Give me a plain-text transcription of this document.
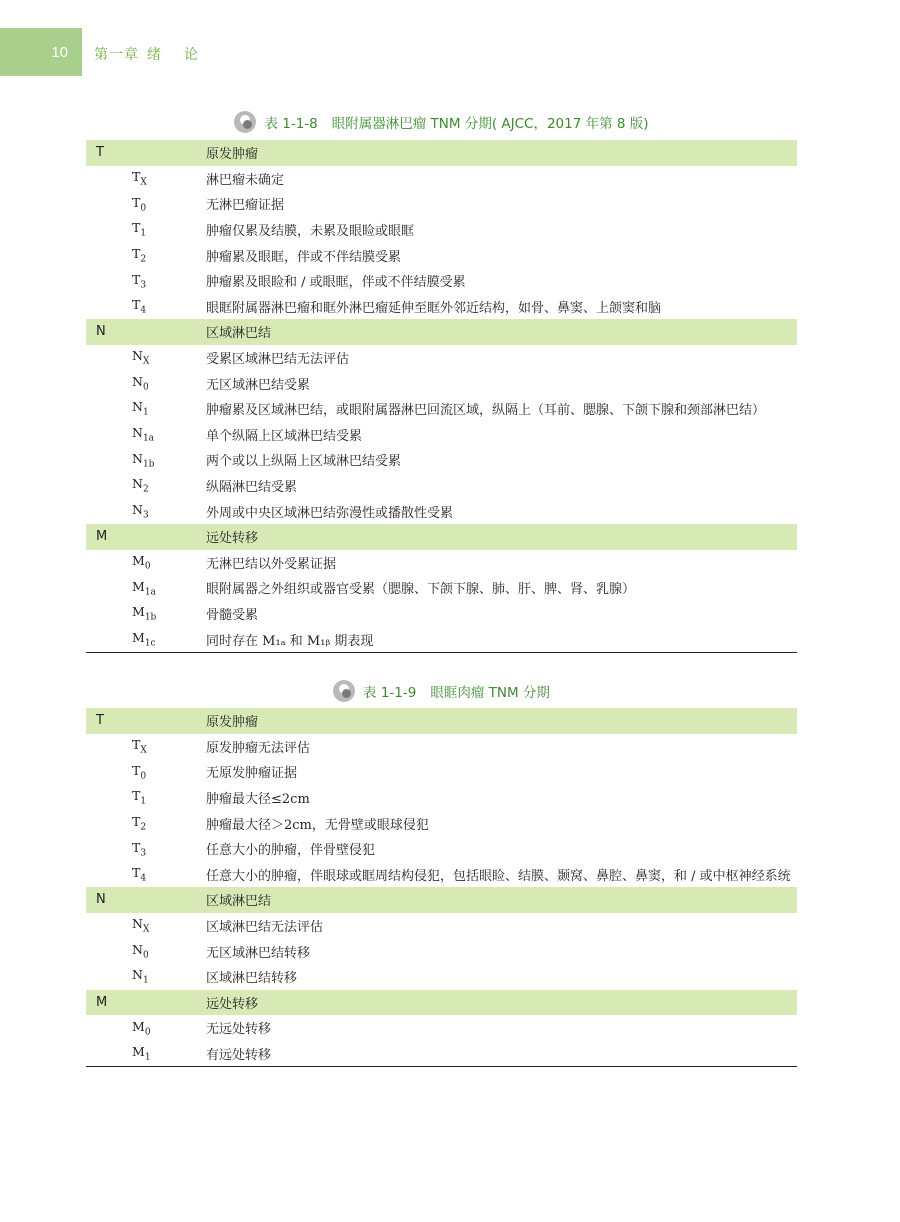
10	第一章 绪 论
表 1-1-8 眼附属器淋巴瘤 TNM 分期( AJCC，2017 年第 8 版)
T	原发肿瘤
$T_X$	淋巴瘤未确定
$T_0$	无淋巴瘤证据
$T_1$	肿瘤仅累及结膜，未累及眼睑或眼眶
$T_2$	肿瘤累及眼眶，伴或不伴结膜受累
$T_3$	肿瘤累及眼睑和 / 或眼眶，伴或不伴结膜受累
$T_4$	眼眶附属器淋巴瘤和眶外淋巴瘤延伸至眶外邻近结构，如骨、鼻窦、上颌窦和脑
N	区域淋巴结
$N_X$	受累区域淋巴结无法评估
$N_0$	无区域淋巴结受累
$N_1$	肿瘤累及区域淋巴结，或眼附属器淋巴回流区域，纵隔上（耳前、腮腺、下颌下腺和颈部淋巴结）
$N_{1a}$	单个纵隔上区域淋巴结受累
$N_{1b}$	两个或以上纵隔上区域淋巴结受累
$N_2$	纵隔淋巴结受累
$N_3$	外周或中央区域淋巴结弥漫性或播散性受累
M	远处转移
$M_0$	无淋巴结以外受累证据
$M_{1a}$	眼附属器之外组织或器官受累（腮腺、下颌下腺、肺、肝、脾、肾、乳腺）
$M_{1b}$	骨髓受累
$M_{1c}$	同时存在 M₁ₐ 和 M₁ᵦ 期表现
表 1-1-9 眼眶肉瘤 TNM 分期
T	原发肿瘤
$T_X$	原发肿瘤无法评估
$T_0$	无原发肿瘤证据
$T_1$	肿瘤最大径≤2cm
$T_2$	肿瘤最大径＞2cm，无骨壁或眼球侵犯
$T_3$	任意大小的肿瘤，伴骨壁侵犯
$T_4$	任意大小的肿瘤，伴眼球或眶周结构侵犯，包括眼睑、结膜、颞窝、鼻腔、鼻窦，和 / 或中枢神经系统
N	区域淋巴结
$N_X$	区域淋巴结无法评估
$N_0$	无区域淋巴结转移
$N_1$	区域淋巴结转移
M	远处转移
$M_0$	无远处转移
$M_1$	有远处转移
